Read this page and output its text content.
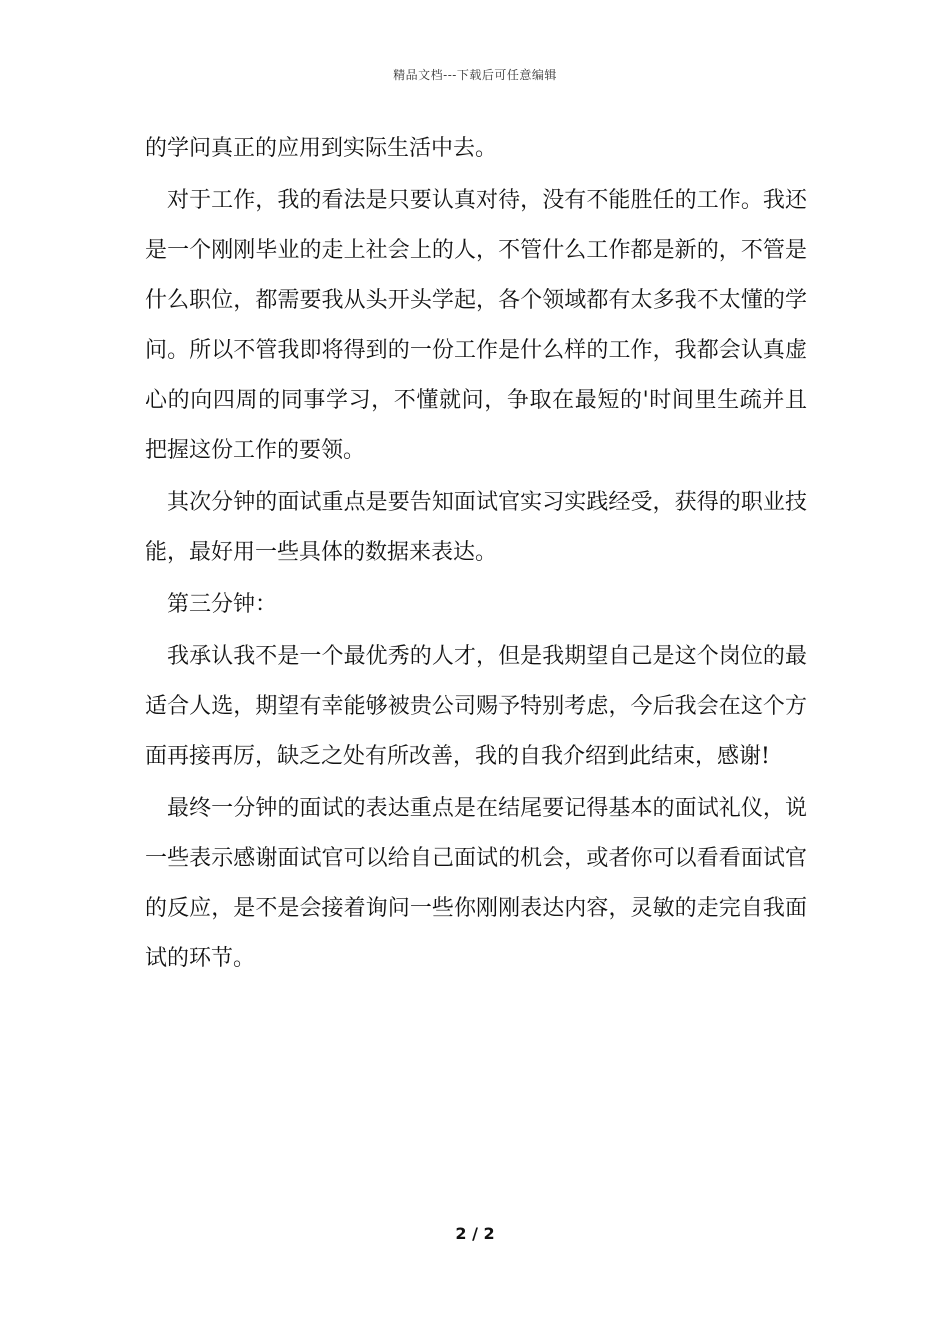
精品文档---下载后可任意编辑

的学问真正的应用到实际生活中去。

对于工作，我的看法是只要认真对待，没有不能胜任的工作。我还是一个刚刚毕业的走上社会上的人，不管什么工作都是新的，不管是什么职位，都需要我从头开头学起，各个领域都有太多我不太懂的学问。所以不管我即将得到的一份工作是什么样的工作，我都会认真虚心的向四周的同事学习，不懂就问，争取在最短的'时间里生疏并且把握这份工作的要领。

其次分钟的面试重点是要告知面试官实习实践经受，获得的职业技能，最好用一些具体的数据来表达。

第三分钟：

我承认我不是一个最优秀的人才，但是我期望自己是这个岗位的最适合人选，期望有幸能够被贵公司赐予特别考虑，今后我会在这个方面再接再厉，缺乏之处有所改善，我的自我介绍到此结束，感谢!

最终一分钟的面试的表达重点是在结尾要记得基本的面试礼仪，说一些表示感谢面试官可以给自己面试的机会，或者你可以看看面试官的反应，是不是会接着询问一些你刚刚表达内容，灵敏的走完自我面试的环节。

2 / 2
